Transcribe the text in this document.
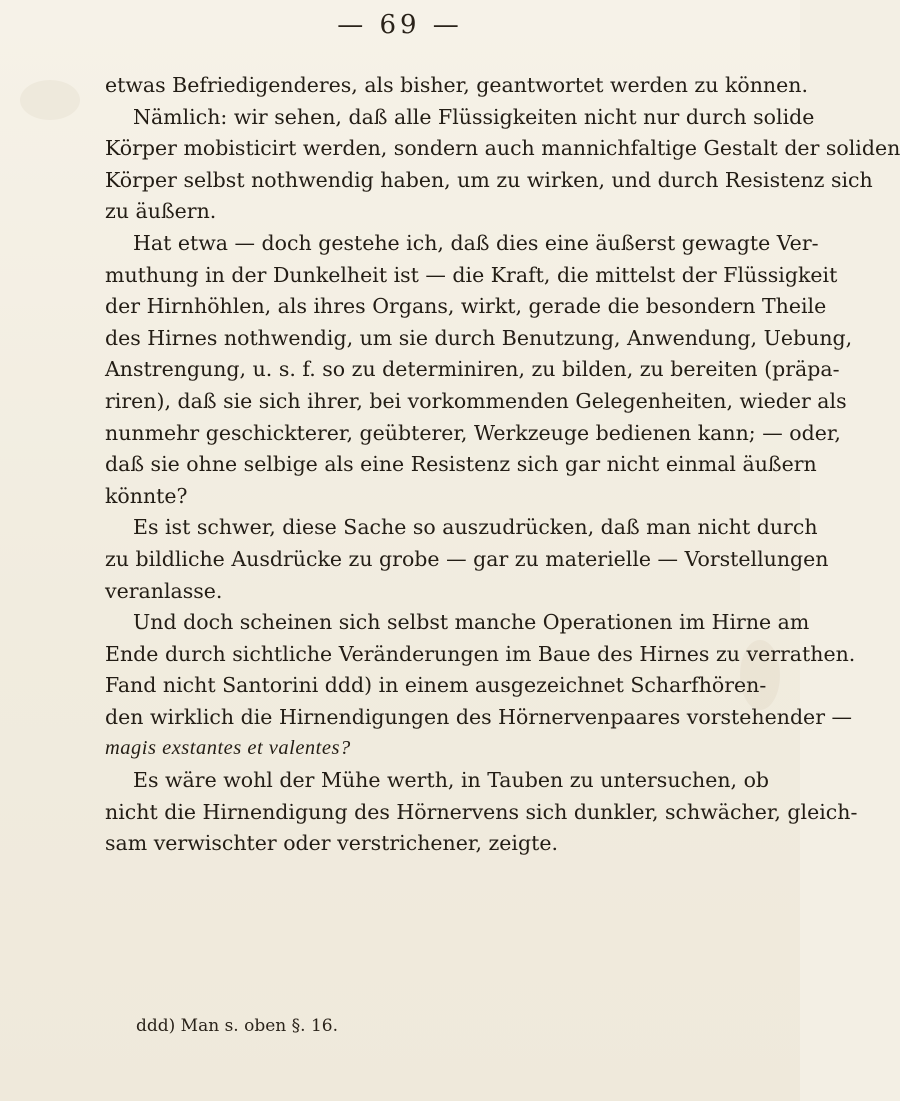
— 69 —
etwas Befriedigenderes, als bisher, geantwortet werden zu können.
Nämlich: wir sehen, daß alle Flüssigkeiten nicht nur durch solide
Körper mobisticirt werden, sondern auch mannichfaltige Gestalt der soliden
Körper selbst nothwendig haben, um zu wirken, und durch Resistenz sich
zu äußern.
Hat etwa — doch gestehe ich, daß dies eine äußerst gewagte Ver-
muthung in der Dunkelheit ist — die Kraft, die mittelst der Flüssigkeit
der Hirnhöhlen, als ihres Organs, wirkt, gerade die besondern Theile
des Hirnes nothwendig, um sie durch Benutzung, Anwendung, Uebung,
Anstrengung, u. s. f. so zu determiniren, zu bilden, zu bereiten (präpa-
riren), daß sie sich ihrer, bei vorkommenden Gelegenheiten, wieder als
nunmehr geschickterer, geübterer, Werkzeuge bedienen kann; — oder,
daß sie ohne selbige als eine Resistenz sich gar nicht einmal äußern
könnte?
Es ist schwer, diese Sache so auszudrücken, daß man nicht durch
zu bildliche Ausdrücke zu grobe — gar zu materielle — Vorstellungen
veranlasse.
Und doch scheinen sich selbst manche Operationen im Hirne am
Ende durch sichtliche Veränderungen im Baue des Hirnes zu verrathen.
Fand nicht Santorini ddd) in einem ausgezeichnet Scharfhören-
den wirklich die Hirnendigungen des Hörnervenpaares vorstehender —
magis exstantes et valentes?
Es wäre wohl der Mühe werth, in Tauben zu untersuchen, ob
nicht die Hirnendigung des Hörnervens sich dunkler, schwächer, gleich-
sam verwischter oder verstrichener, zeigte.
ddd) Man s. oben §. 16.
